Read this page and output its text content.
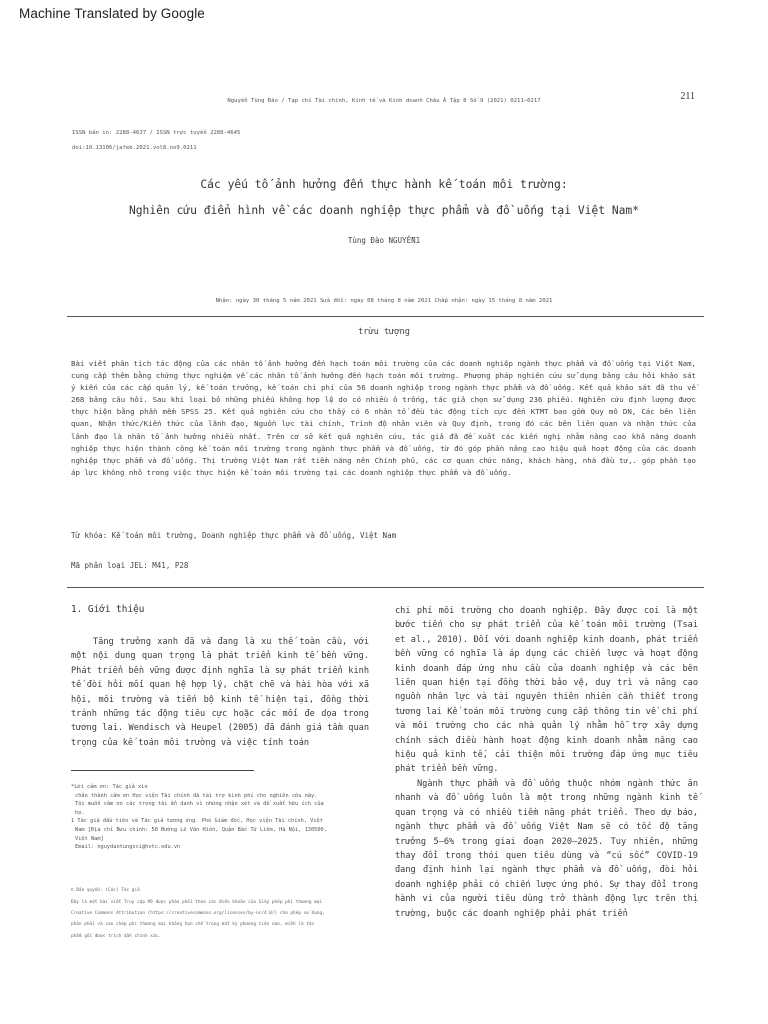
Machine Translated by Google
211
Nguyễn Tùng Đào / Tạp chí Tài chính, Kinh tế và Kinh doanh Châu Á Tập 8 Số 9 (2021) 0211–0217
ISSN bản in: 2288-4637 / ISSN trực tuyến 2288-4645
doi:10.13106/jafeb.2021.vol8.no9.0211
Các yếu tố ảnh hưởng đến thực hành kế toán môi trường:
Nghiên cứu điển hình về các doanh nghiệp thực phẩm và đồ uống tại Việt Nam*
Tùng Đào NGUYỄN1
Nhận: ngày 30 tháng 5 năm 2021 Sửa đổi: ngày 08 tháng 8 năm 2021 Chấp nhận: ngày 15 tháng 8 năm 2021
trừu tượng

Bài viết phân tích tác động của các nhân tố ảnh hưởng đến hạch toán môi trường của các doanh nghiệp ngành thực phẩm và đồ uống tại Việt Nam, cung cấp thêm bằng chứng thực nghiệm về các nhân tố ảnh hưởng đến hạch toán môi trường. Phương pháp nghiên cứu sử dụng bảng câu hỏi khảo sát ý kiến của các cấp quản lý, kế toán trưởng, kế toán chi phí của 56 doanh nghiệp trong ngành thực phẩm và đồ uống. Kết quả khảo sát đã thu về 268 bảng câu hỏi. Sau khi loại bỏ những phiếu không hợp lệ do có nhiều ô trống, tác giả chọn sử dụng 236 phiếu. Nghiên cứu định lượng được thực hiện bằng phần mềm SPSS 25. Kết quả nghiên cứu cho thấy có 6 nhân tố đều tác động tích cực đến KTMT bao gồm Quy mô DN, Các bên liên quan, Nhận thức/Kiến thức của lãnh đạo, Nguồn lực tài chính, Trình độ nhân viên và Quy định, trong đó các bên liên quan và nhận thức của lãnh đạo là nhân tố ảnh hưởng nhiều nhất. Trên cơ sở kết quả nghiên cứu, tác giả đã đề xuất các kiến nghị nhằm nâng cao khả năng doanh nghiệp thực hiện thành công kế toán môi trường trong ngành thực phẩm và đồ uống, từ đó góp phần nâng cao hiệu quả hoạt động của các doanh nghiệp thực phẩm và đồ uống. Thị trường Việt Nam rất tiềm năng nên Chính phủ, các cơ quan chức năng, khách hàng, nhà đầu tư,. góp phần tạo áp lực không nhỏ trong việc thực hiện kế toán môi trường tại các doanh nghiệp thực phẩm và đồ uống.

Từ khóa: Kế toán môi trường, Doanh nghiệp thực phẩm và đồ uống, Việt Nam
Mã phân loại JEL: M41, P28
1. Giới thiệu

Tăng trưởng xanh đã và đang là xu thế toàn cầu, với một nội dung quan trọng là phát triển kinh tế bền vững. Phát triển bền vững được định nghĩa là sự phát triển kinh tế đòi hỏi mối quan hệ hợp lý, chặt chẽ và hài hòa với xã hội, môi trường và tiến bộ kinh tế hiện tại, đồng thời tránh những tác động tiêu cực hoặc các mối đe dọa trong tương lai. Wendisch và Heupel (2005) đã đánh giá tầm quan trọng của kế toán môi trường và việc tính toán

*Lời cảm ơn: Tác giả xin

chân thành cảm ơn Học viện Tài chính đã tài trợ kinh phí cho nghiên cứu này.

Tôi muốn cảm ơn các trọng tài ẩn danh vì những nhận xét và đề xuất hữu ích của

họ.

1 Tác giả đầu tiên và Tác giả tương ứng. Phó Giám đốc, Học viện Tài chính, Việt

Nam [Địa chỉ Bưu chính: 58 Đường Lê Văn Hiến, Quận Bắc Từ Liêm, Hà Nội, 130500,

Việt Nam]

Email: nguydaotungsci@hvtc.edu.vn

© Bản quyền: (Các) Tác giả

Đây là một bài viết Truy cập Mở được phân phối theo các điều khoản của Giấy phép phi thương mại

Creative Commons Attribution (https://creativecommons.org/licenses/by-nc/4.0/) cho phép sử dụng,

phân phối và sao chép phi thương mại không hạn chế trong bất kỳ phương tiện nào, miễn là tác

phẩm gốc được trích dẫn chính xác.

chi phí môi trường cho doanh nghiệp. Đây được coi là một bước tiến cho sự phát triển của kế toán môi trường (Tsai et al., 2010). Đối với doanh nghiệp kinh doanh, phát triển bền vững có nghĩa là áp dụng các chiến lược và hoạt động kinh doanh đáp ứng nhu cầu của doanh nghiệp và các bên liên quan hiện tại đồng thời bảo vệ, duy trì và nâng cao nguồn nhân lực và tài nguyên thiên nhiên cần thiết trong tương lai Kế toán môi trường cung cấp thông tin về chi phí và môi trường cho các nhà quản lý nhằm hỗ trợ xây dựng chính sách điều hành hoạt động kinh doanh nhằm nâng cao hiệu quả kinh tế, cải thiện môi trường đáp ứng mục tiêu phát triển bền vững.

Ngành thực phẩm và đồ uống thuộc nhóm ngành thức ăn nhanh và đồ uống luôn là một trong những ngành kinh tế quan trọng và có nhiều tiềm năng phát triển. Theo dự báo, ngành thực phẩm và đồ uống Việt Nam sẽ có tốc độ tăng trưởng 5–6% trong giai đoạn 2020–2025. Tuy nhiên, những thay đổi trong thói quen tiêu dùng và “cú sốc” COVID-19 đang định hình lại ngành thực phẩm và đồ uống, đòi hỏi doanh nghiệp phải có chiến lược ứng phó. Sự thay đổi trong hành vi của người tiêu dùng trở thành động lực trên thị trường, buộc các doanh nghiệp phải phát triển
